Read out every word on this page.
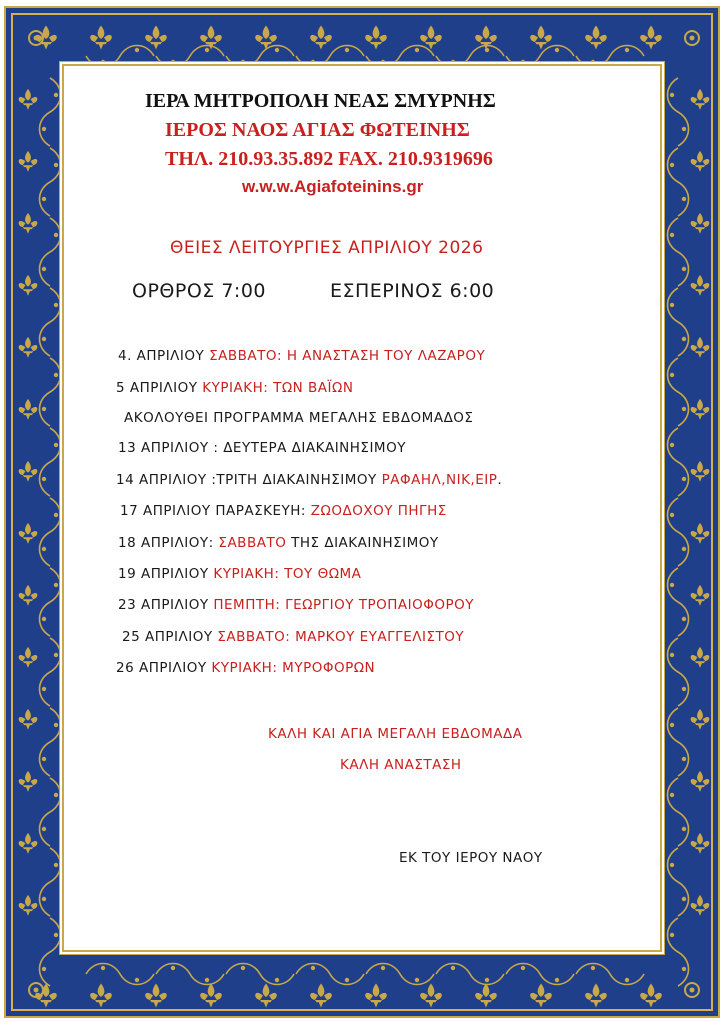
ΙΕΡΑ ΜΗΤΡΟΠΟΛΗ ΝΕΑΣ ΣΜΥΡΝΗΣ
ΙΕΡΟΣ ΝΑΟΣ ΑΓΙΑΣ ΦΩΤΕΙΝΗΣ
ΤΗΛ. 210.93.35.892 FAX. 210.9319696
w.w.w.Agiafoteinins.gr
ΘΕΙΕΣ ΛΕΙΤΟΥΡΓΙΕΣ ΑΠΡΙΛΙΟΥ 2026
ΟΡΘΡΟΣ 7:00	ΕΣΠΕΡΙΝΟΣ 6:00
4. ΑΠΡΙΛΙΟΥ ΣΑΒΒΑΤΟ: Η ΑΝΑΣΤΑΣΗ ΤΟΥ ΛΑΖΑΡΟΥ
5 ΑΠΡΙΛΙΟΥ ΚΥΡΙΑΚΗ: ΤΩΝ ΒΑΪΩΝ
ΑΚΟΛΟΥΘΕΙ ΠΡΟΓΡΑΜΜΑ ΜΕΓΑΛΗΣ ΕΒΔΟΜΑΔΟΣ
13 ΑΠΡΙΛΙΟΥ : ΔΕΥΤΕΡΑ ΔΙΑΚΑΙΝΗΣΙΜΟΥ
14 ΑΠΡΙΛΙΟΥ :ΤΡΙΤΗ ΔΙΑΚΑΙΝΗΣΙΜΟΥ ΡΑΦΑΗΛ,ΝΙΚ,ΕΙΡ.
17 ΑΠΡΙΛΙΟΥ ΠΑΡΑΣΚΕΥΗ: ΖΩΟΔΟΧΟΥ ΠΗΓΗΣ
18 ΑΠΡΙΛΙΟΥ: ΣΑΒΒΑΤΟ ΤΗΣ ΔΙΑΚΑΙΝΗΣΙΜΟΥ
19 ΑΠΡΙΛΙΟΥ ΚΥΡΙΑΚΗ: ΤΟΥ ΘΩΜΑ
23 ΑΠΡΙΛΙΟΥ ΠΕΜΠΤΗ: ΓΕΩΡΓΙΟΥ ΤΡΟΠΑΙΟΦΟΡΟΥ
25 ΑΠΡΙΛΙΟΥ ΣΑΒΒΑΤΟ: ΜΑΡΚΟΥ ΕΥΑΓΓΕΛΙΣΤΟΥ
26 ΑΠΡΙΛΙΟΥ ΚΥΡΙΑΚΗ: ΜΥΡΟΦΟΡΩΝ
ΚΑΛΗ ΚΑΙ ΑΓΙΑ ΜΕΓΑΛΗ ΕΒΔΟΜΑΔΑ
ΚΑΛΗ ΑΝΑΣΤΑΣΗ
ΕΚ ΤΟΥ ΙΕΡΟΥ ΝΑΟΥ
